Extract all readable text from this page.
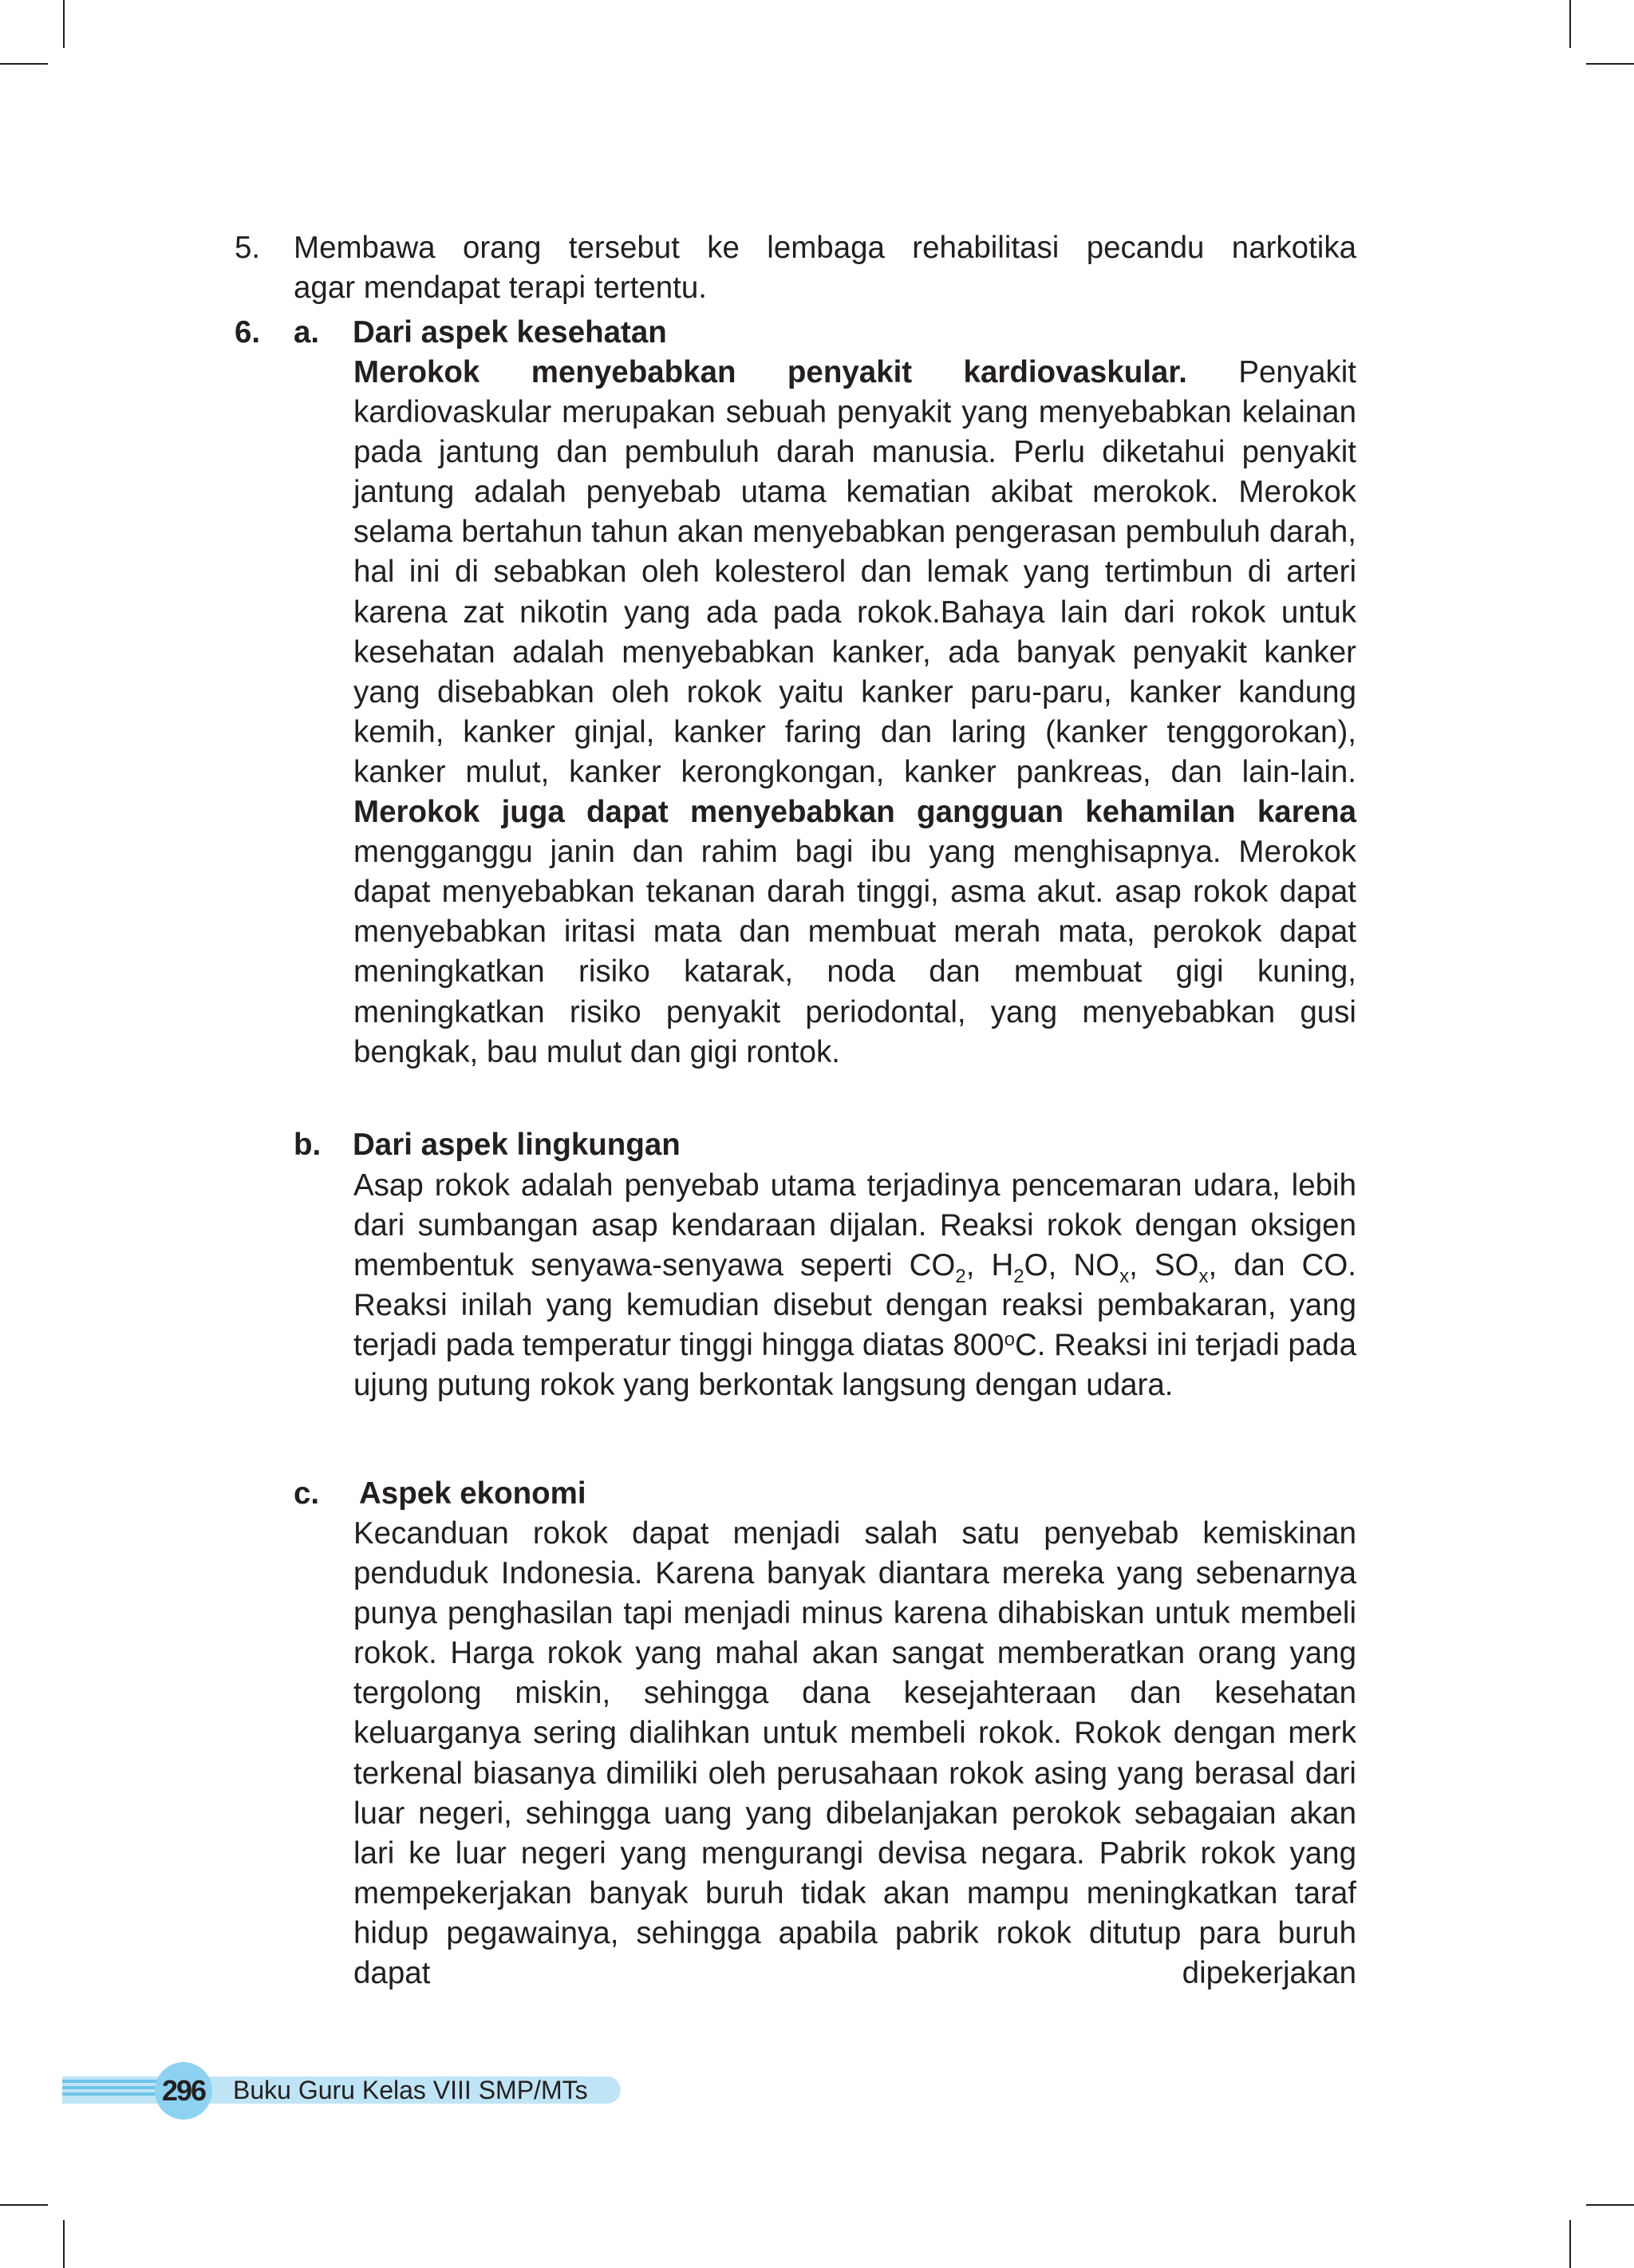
5. Membawa orang tersebut ke lembaga rehabilitasi pecandu narkotika

agar mendapat terapi tertentu.

6. a. Dari aspek kesehatan

Merokok menyebabkan penyakit kardiovaskular. Penyakit kardiovaskular merupakan sebuah penyakit yang menyebabkan kelainan pada jantung dan pembuluh darah manusia. Perlu diketahui penyakit jantung adalah penyebab utama kematian akibat merokok. Merokok selama bertahun tahun akan menyebabkan pengerasan pembuluh darah, hal ini di sebabkan oleh kolesterol dan lemak yang tertimbun di arteri karena zat nikotin yang ada pada rokok.Bahaya lain dari rokok untuk kesehatan adalah menyebabkan kanker, ada banyak penyakit kanker yang disebabkan oleh rokok yaitu kanker paru-paru, kanker kandung kemih, kanker ginjal, kanker faring dan laring (kanker tenggorokan), kanker mulut, kanker kerongkongan, kanker pankreas, dan lain-lain. Merokok juga dapat menyebabkan gangguan kehamilan karena mengganggu janin dan rahim bagi ibu yang menghisapnya. Merokok dapat menyebabkan tekanan darah tinggi, asma akut. asap rokok dapat menyebabkan iritasi mata dan membuat merah mata, perokok dapat meningkatkan risiko katarak, noda dan membuat gigi kuning, meningkatkan risiko penyakit periodontal, yang menyebabkan gusi bengkak, bau mulut dan gigi rontok.

b. Dari aspek lingkungan

Asap rokok adalah penyebab utama terjadinya pencemaran udara, lebih dari sumbangan asap kendaraan dijalan. Reaksi rokok dengan oksigen membentuk senyawa-senyawa seperti $CO_2$, $H_2O$, $NO_x$, $SO_x$, dan CO. Reaksi inilah yang kemudian disebut dengan reaksi pembakaran, yang terjadi pada temperatur tinggi hingga diatas 800$^o$C. Reaksi ini terjadi pada ujung putung rokok yang berkontak langsung dengan udara.

c. Aspek ekonomi

Kecanduan rokok dapat menjadi salah satu penyebab kemiskinan penduduk Indonesia. Karena banyak diantara mereka yang sebenarnya punya penghasilan tapi menjadi minus karena dihabiskan untuk membeli rokok. Harga rokok yang mahal akan sangat memberatkan orang yang tergolong miskin, sehingga dana kesejahteraan dan kesehatan keluarganya sering dialihkan untuk membeli rokok. Rokok dengan merk terkenal biasanya dimiliki oleh perusahaan rokok asing yang berasal dari luar negeri, sehingga uang yang dibelanjakan perokok sebagaian akan lari ke luar negeri yang mengurangi devisa negara. Pabrik rokok yang mempekerjakan banyak buruh tidak akan mampu meningkatkan taraf hidup pegawainya, sehingga apabila pabrik rokok ditutup para buruh dapat dipekerjakan

296 Buku Guru Kelas VIII SMP/MTs
